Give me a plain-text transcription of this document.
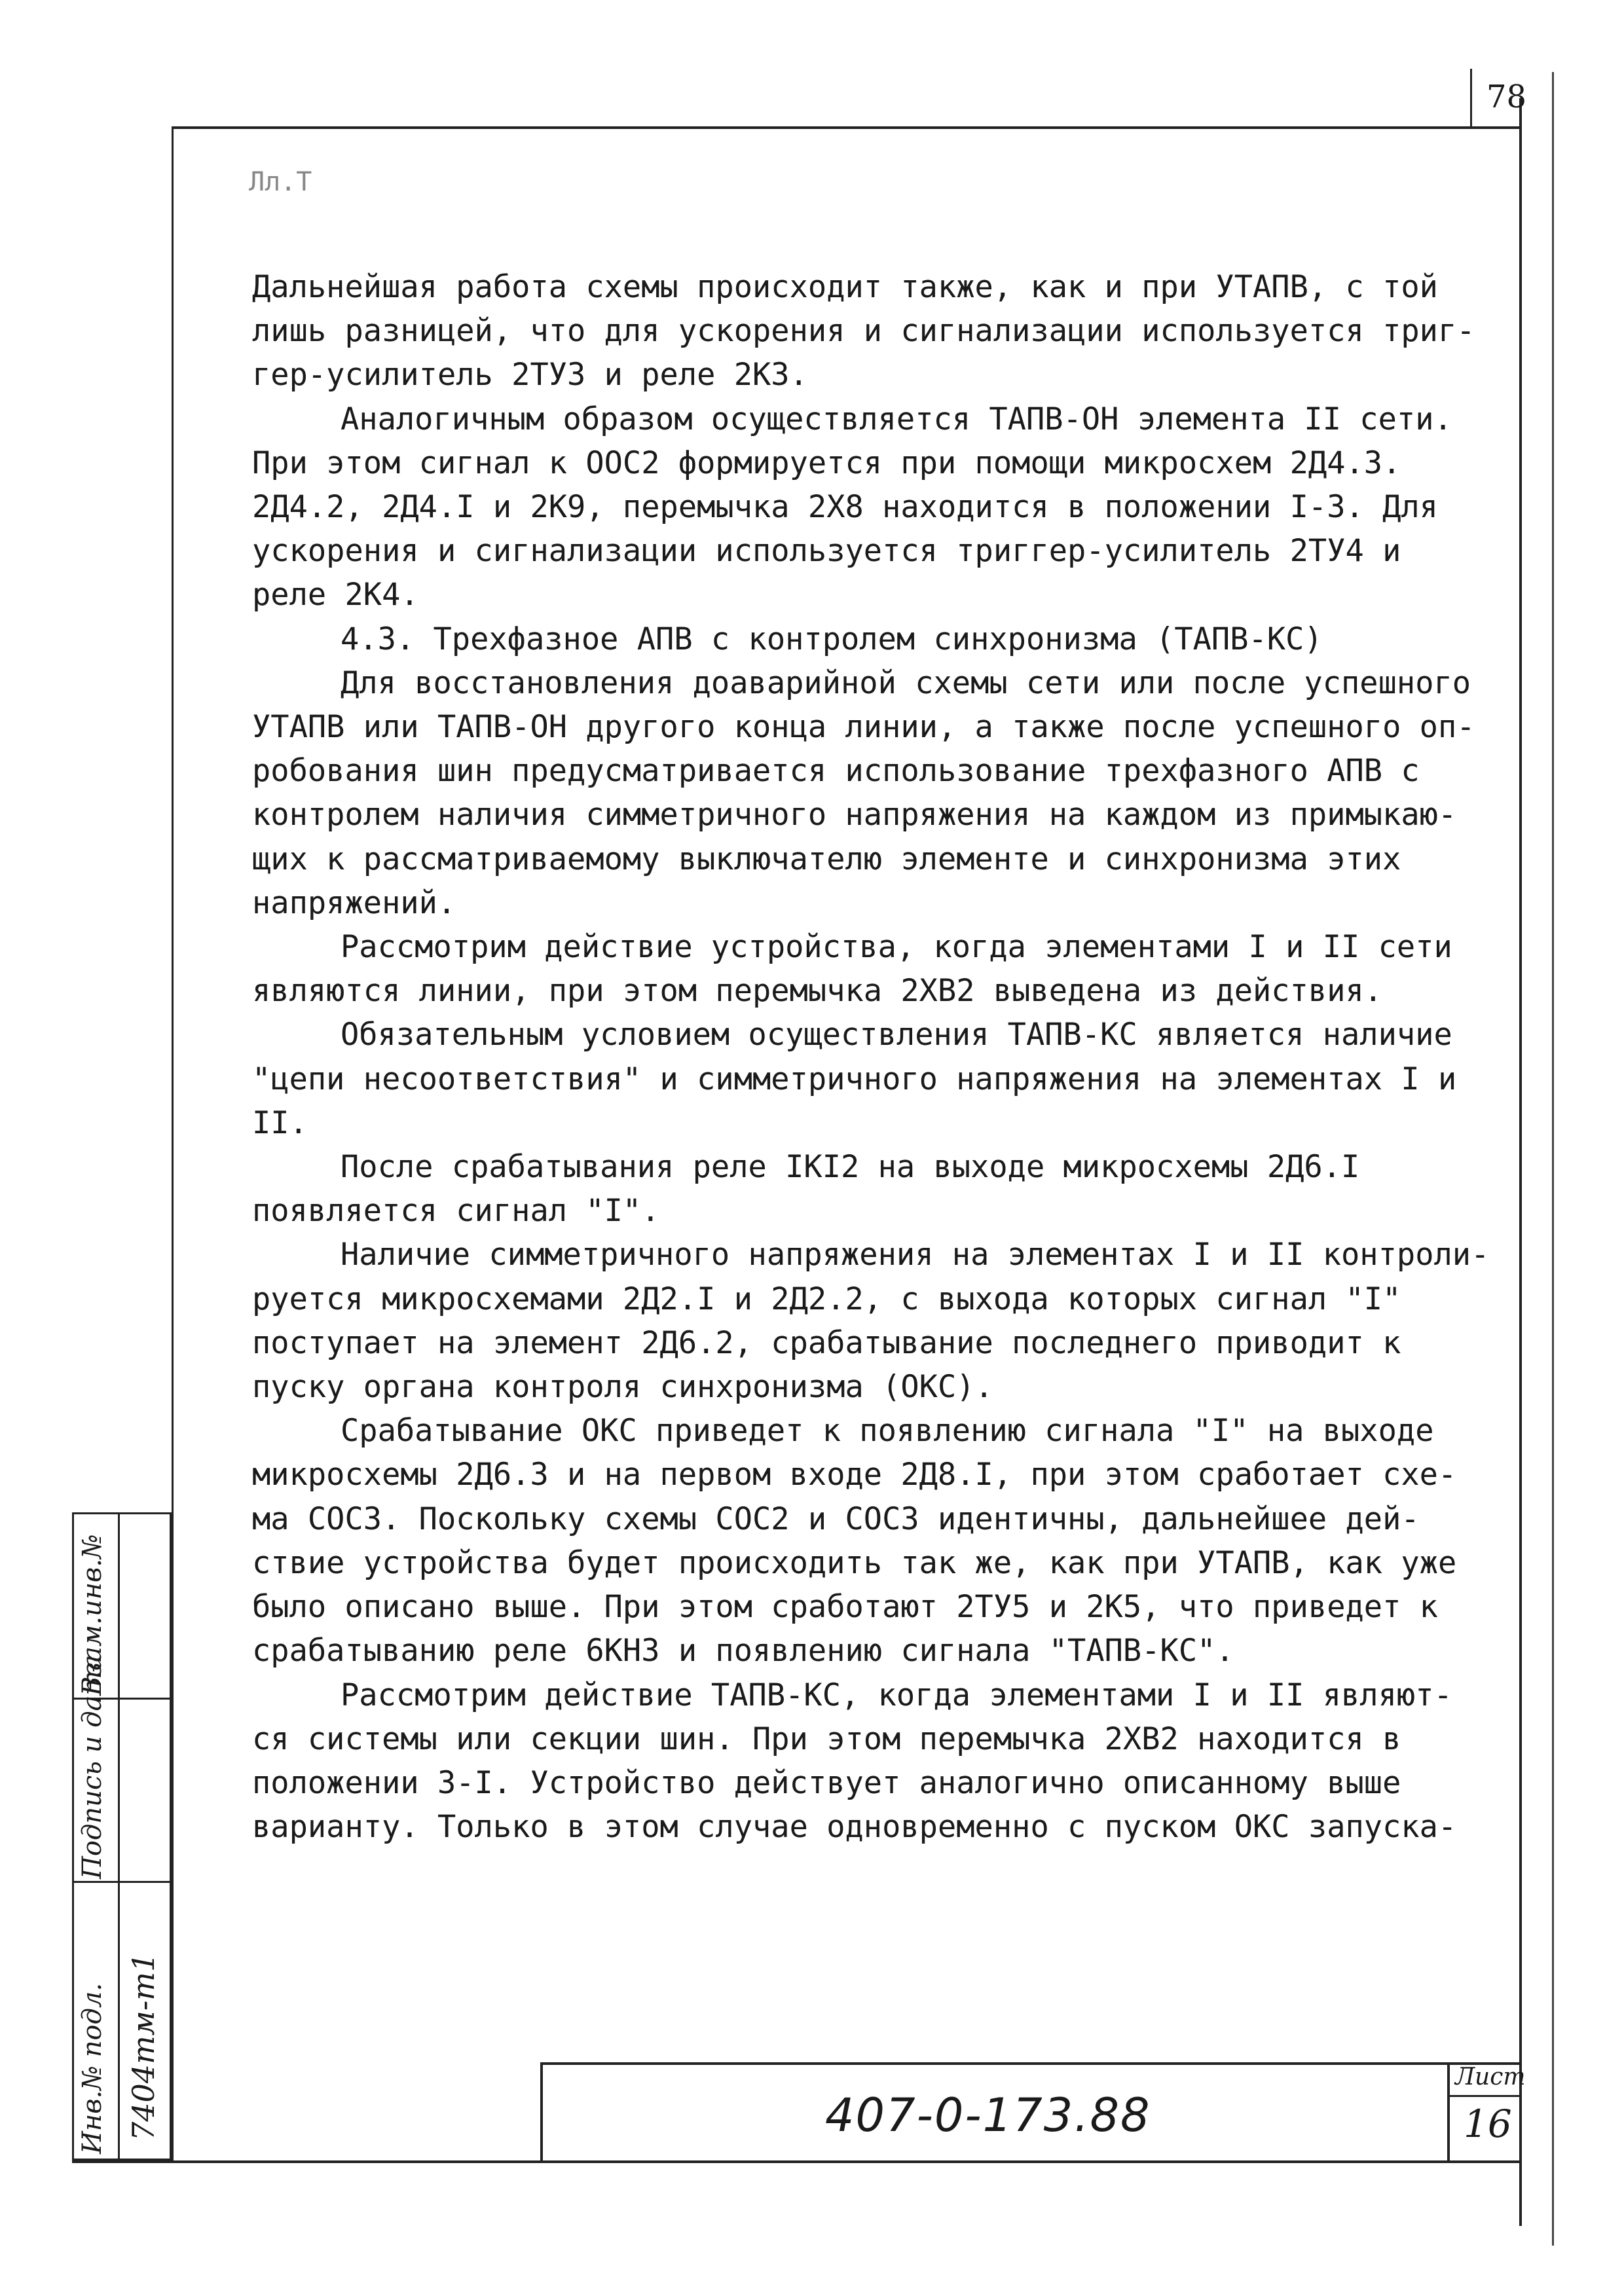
78
Лл.Т
Дальнейшая работа схемы происходит также, как и при УТАПВ, с той
лишь разницей, что для ускорения и сигнализации используется триг-
гер-усилитель 2ТУЗ и реле 2КЗ.
Аналогичным образом осуществляется ТАПВ-ОН элемента II сети.
При этом сигнал к ООС2 формируется при помощи микросхем 2Д4.3.
2Д4.2, 2Д4.I и 2К9, перемычка 2Х8 находится в положении I-3. Для
ускорения и сигнализации используется триггер-усилитель 2ТУ4 и
реле 2К4.
4.3. Трехфазное АПВ с контролем синхронизма (ТАПВ-КС)
Для восстановления доаварийной схемы сети или после успешного
УТАПВ или ТАПВ-ОН другого конца линии, а также после успешного оп-
робования шин предусматривается использование трехфазного АПВ с
контролем наличия симметричного напряжения на каждом из примыкаю-
щих к рассматриваемому выключателю элементе и синхронизма этих
напряжений.
Рассмотрим действие устройства, когда элементами I и II сети
являются линии, при этом перемычка 2ХВ2 выведена из действия.
Обязательным условием осуществления ТАПВ-КС является наличие
"цепи несоответствия" и симметричного напряжения на элементах I и
II.
После срабатывания реле IКI2 на выходе микросхемы 2Д6.I
появляется сигнал "I".
Наличие симметричного напряжения на элементах I и II контроли-
руется микросхемами 2Д2.I и 2Д2.2, с выхода которых сигнал "I"
поступает на элемент 2Д6.2, срабатывание последнего приводит к
пуску органа контроля синхронизма (ОКС).
Срабатывание ОКС приведет к появлению сигнала "I" на выходе
микросхемы 2Д6.3 и на первом входе 2Д8.I, при этом сработает схе-
ма СОСЗ. Поскольку схемы СОС2 и СОСЗ идентичны, дальнейшее дей-
ствие устройства будет происходить так же, как при УТАПВ, как уже
было описано выше. При этом сработают 2ТУ5 и 2К5, что приведет к
срабатыванию реле 6КН3 и появлению сигнала "ТАПВ-КС".
Рассмотрим действие ТАПВ-КС, когда элементами I и II являют-
ся системы или секции шин. При этом перемычка 2ХВ2 находится в
положении 3-I. Устройство действует аналогично описанному выше
варианту. Только в этом случае одновременно с пуском ОКС запуска-
Взам.инв.№
Подпись и дата
Инв.№ подл. 7404тм-т1	407-0-173.88
Лист
16
